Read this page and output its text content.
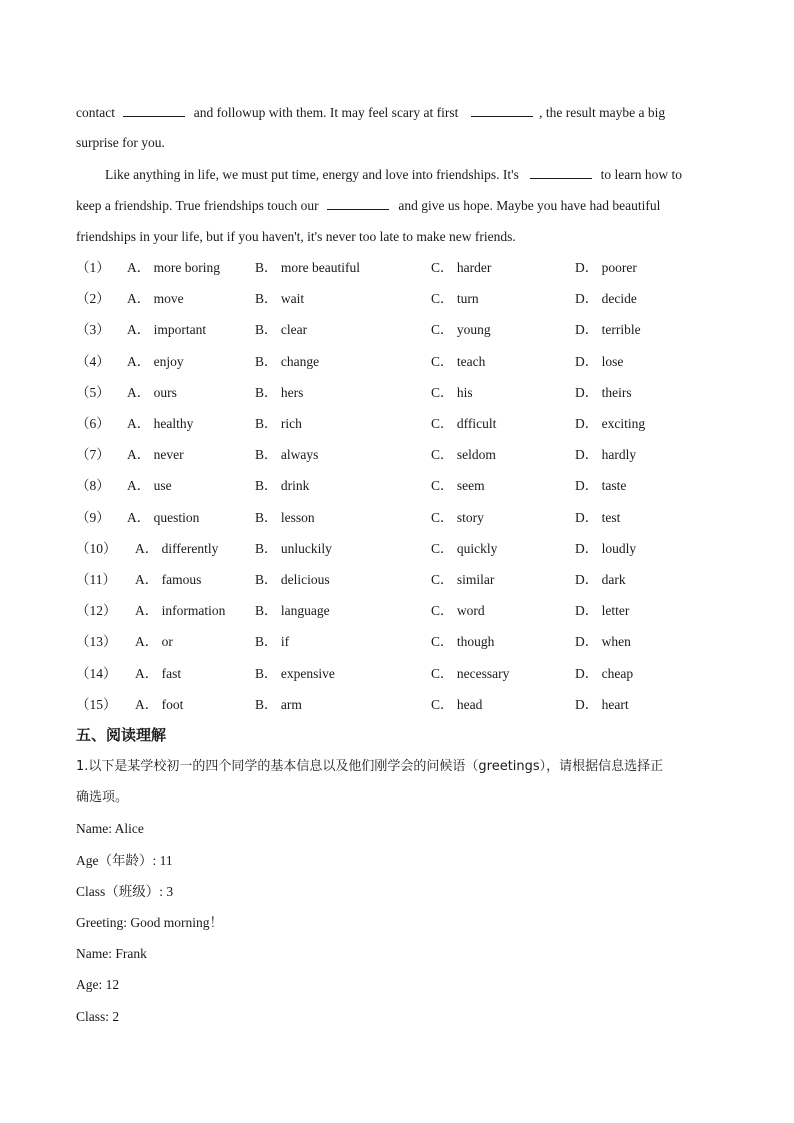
contact	and followup with them. It may feel scary at first	, the result maybe a big
surprise for you.
Like anything in life, we must put time, energy and love into friendships. It's	to learn how to
keep a friendship. True friendships touch our	and give us hope. Maybe you have had beautiful
friendships in your life, but if you haven't, it's never too late to make new friends.
（1） A． more boring	B． more beautiful	C． harder	D． poorer
（2） A． move	B． wait	C． turn	D． decide
（3） A． important	B． clear	C． young	D． terrible
（4） A． enjoy	B． change	C． teach	D． lose
（5） A． ours	B． hers	C． his	D． theirs
（6） A． healthy	B． rich	C． dfficult	D． exciting
（7） A． never	B． always	C． seldom	D． hardly
（8） A． use	B． drink	C． seem	D． taste
（9） A． question	B． lesson	C． story	D． test
（10） A． differently	B． unluckily	C． quickly	D． loudly
（11） A． famous	B． delicious	C． similar	D． dark
（12） A． information B． language	C． word	D． letter
（13） A． or	B． if	C． though	D． when
（14） A． fast	B． expensive	C． necessary	D． cheap
（15） A． foot	B． arm	C． head	D． heart
五、阅读理解
1.以下是某学校初一的四个同学的基本信息以及他们刚学会的问候语（greetings），请根据信息选择正
确选项。
Name: Alice
Age（年龄）: 11
Class（班级）: 3
Greeting: Good morning！
Name: Frank
Age: 12
Class: 2
